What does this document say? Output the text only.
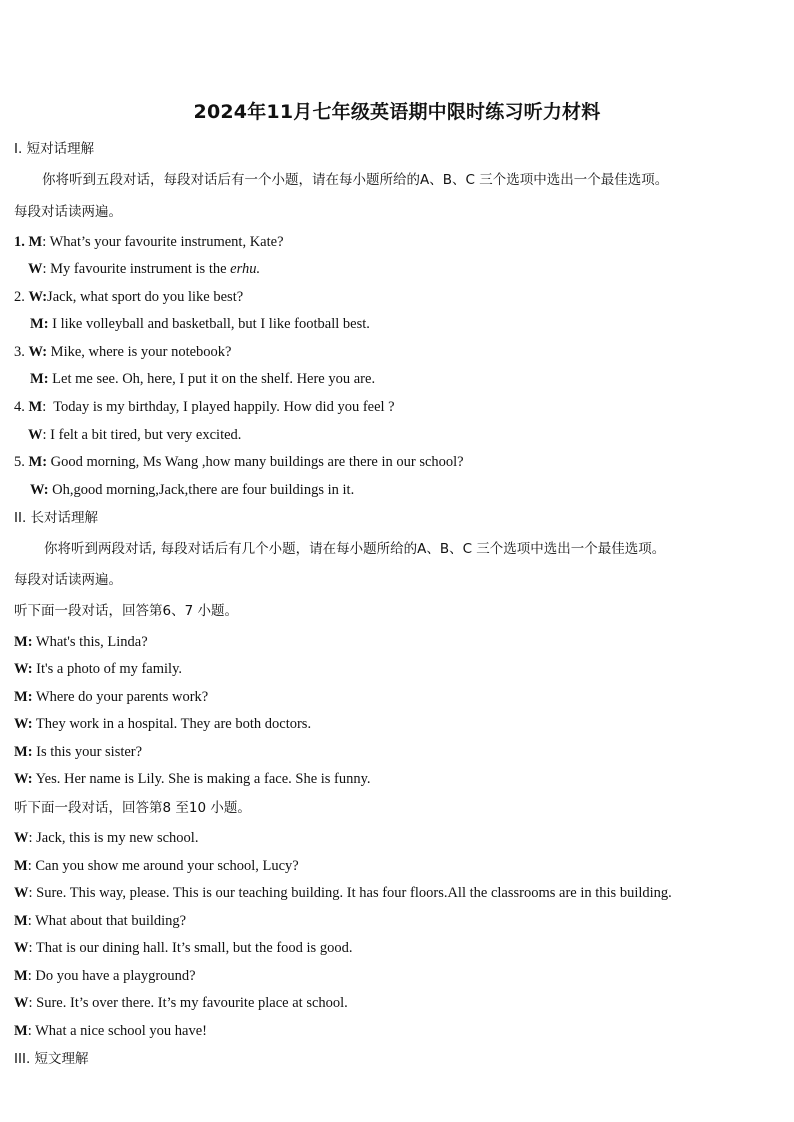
2024年11月七年级英语期中限时练习听力材料
I. 短对话理解
你将听到五段对话，每段对话后有一个小题，请在每小题所给的A、B、C 三个选项中选出一个最佳选项。
每段对话读两遍。
1. M: What’s your favourite instrument, Kate?
W: My favourite instrument is the erhu.
2. W:Jack, what sport do you like best?
M: I like volleyball and basketball, but I like football best.
3. W: Mike, where is your notebook?
M: Let me see. Oh, here, I put it on the shelf. Here you are.
4. M:  Today is my birthday, I played happily. How did you feel ?
W: I felt a bit tired, but very excited.
5. M: Good morning, Ms Wang ,how many buildings are there in our school?
W: Oh,good morning,Jack,there are four buildings in it.
II. 长对话理解
你将听到两段对话, 每段对话后有几个小题，请在每小题所给的A、B、C 三个选项中选出一个最佳选项。
每段对话读两遍。
听下面一段对话，回答第6、7 小题。
M: What's this, Linda?
W: It's a photo of my family.
M: Where do your parents work?
W: They work in a hospital. They are both doctors.
M: Is this your sister?
W: Yes. Her name is Lily. She is making a face. She is funny.
听下面一段对话，回答第8 至10 小题。
W: Jack, this is my new school.
M: Can you show me around your school, Lucy?
W: Sure. This way, please. This is our teaching building. It has four floors.All the classrooms are in this building.
M: What about that building?
W: That is our dining hall. It’s small, but the food is good.
M: Do you have a playground?
W: Sure. It’s over there. It’s my favourite place at school.
M: What a nice school you have!
III. 短文理解
